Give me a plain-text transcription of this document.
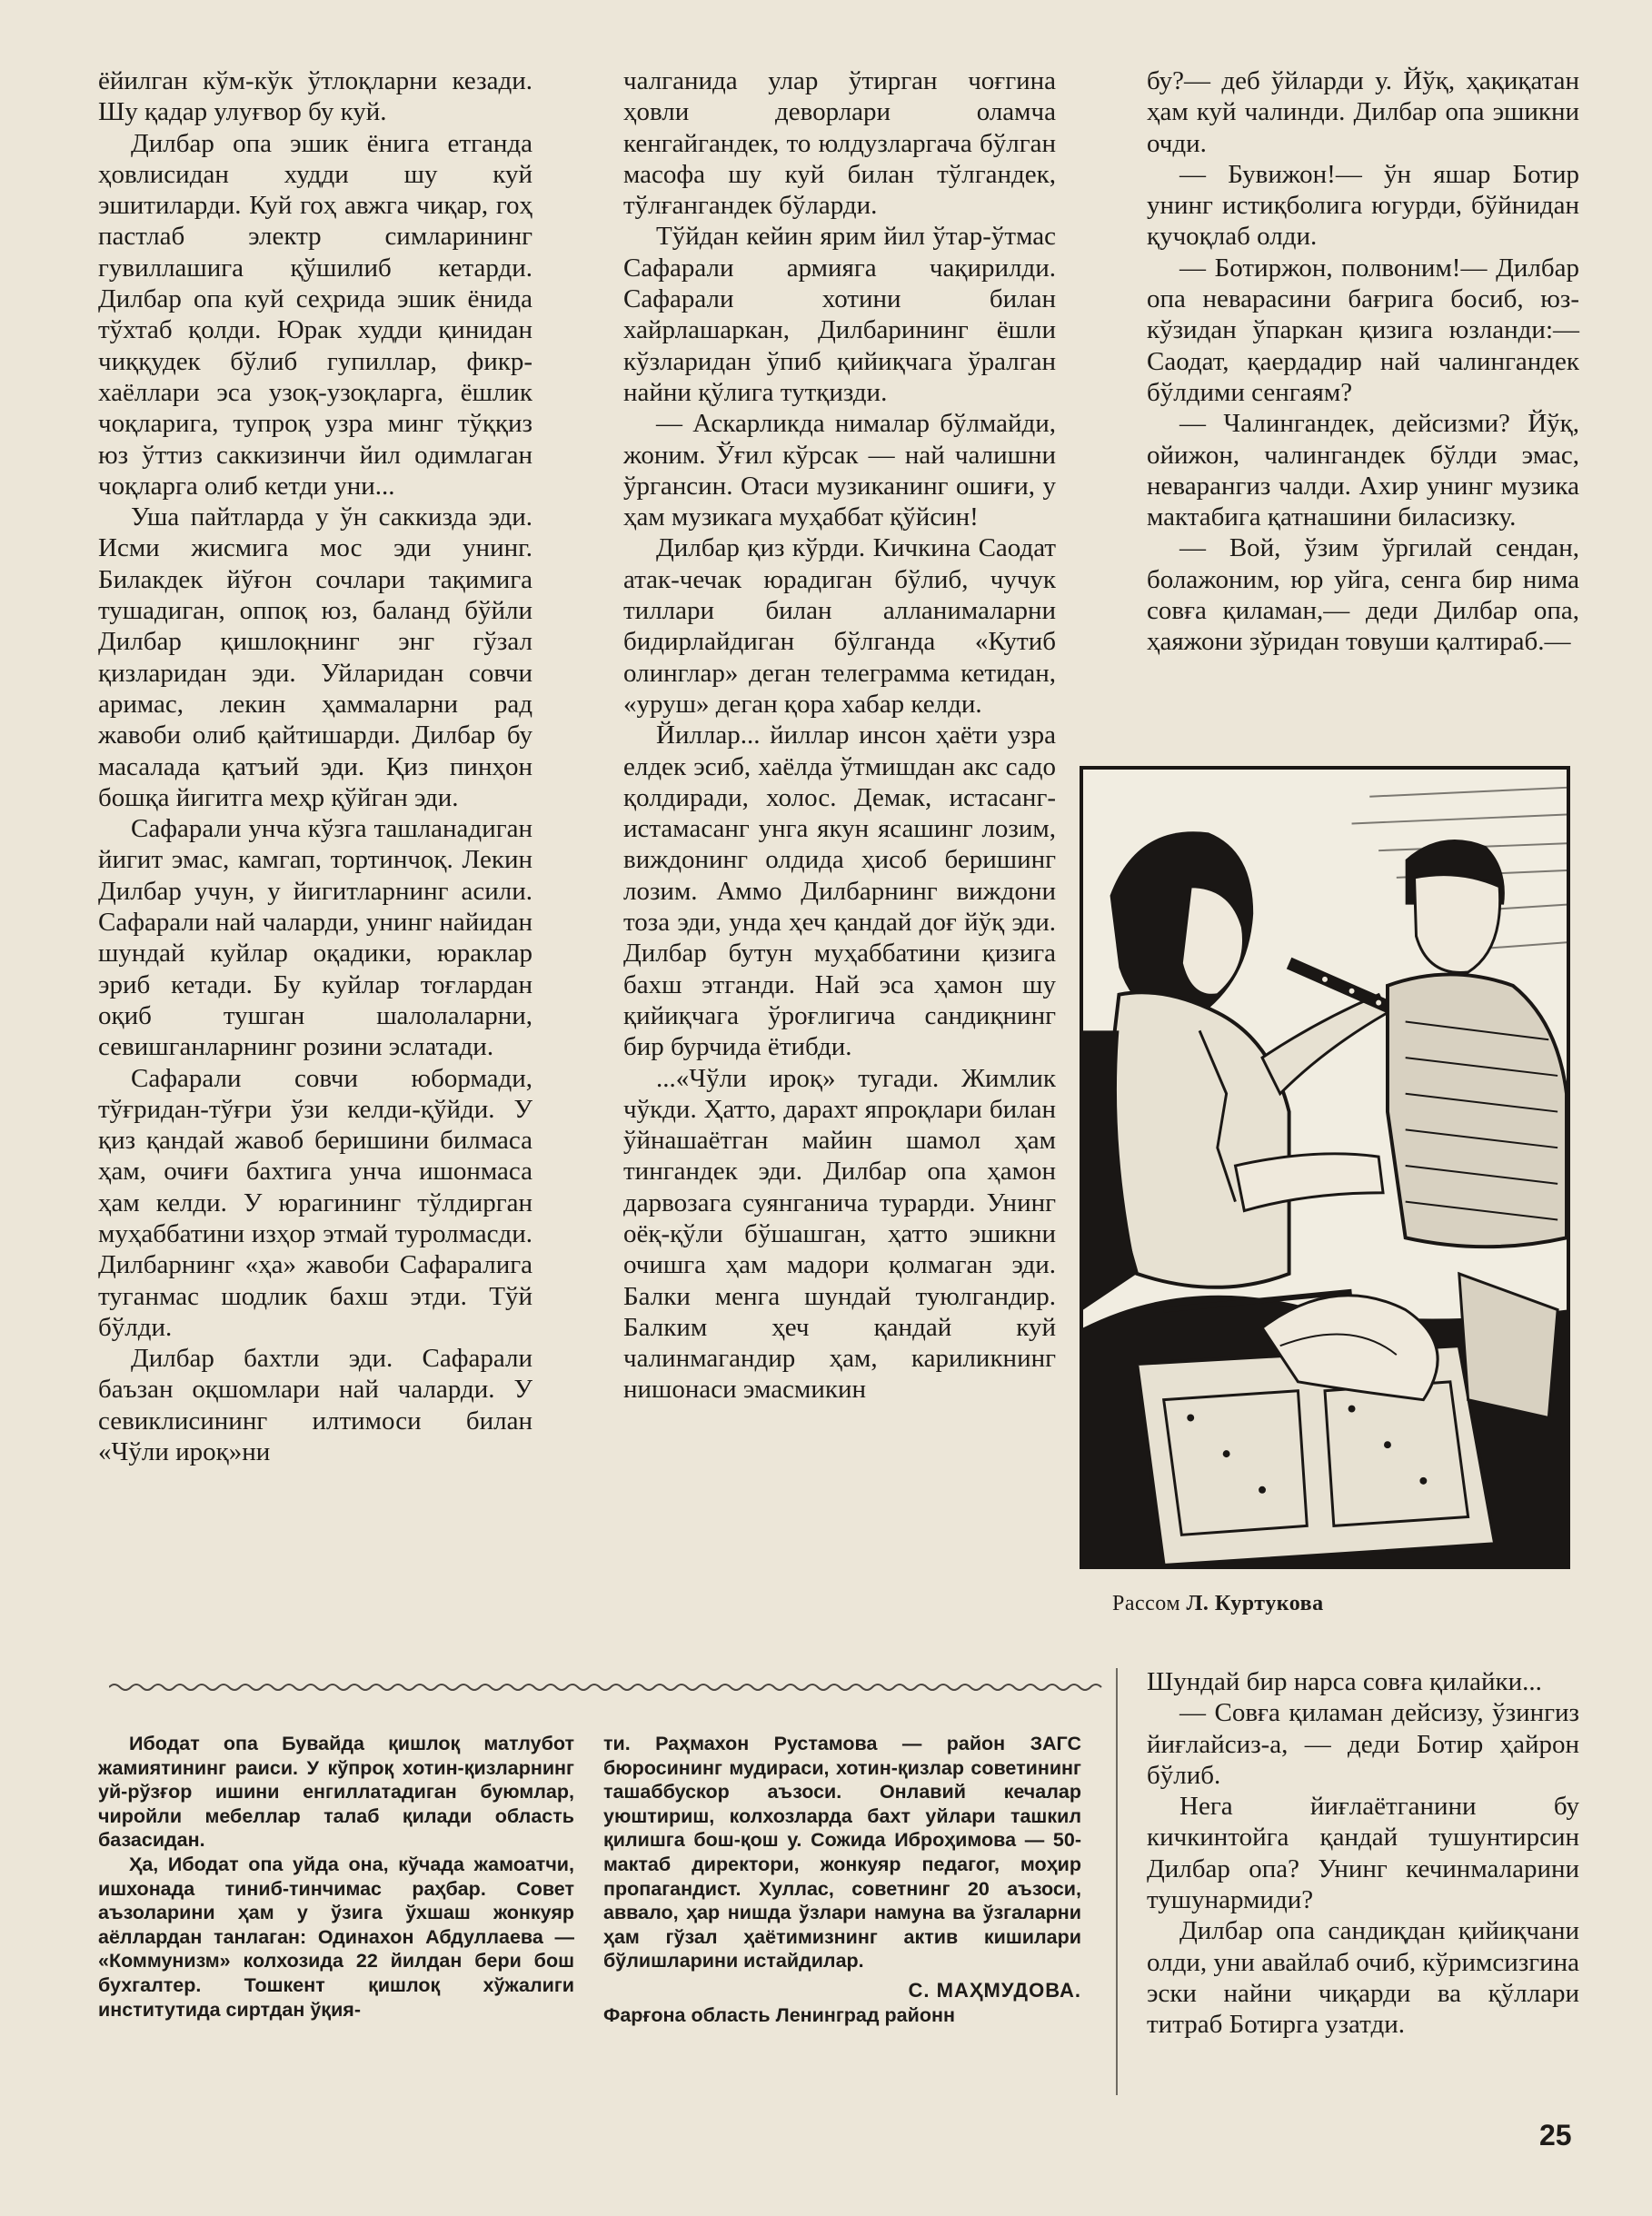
ёйилган кўм-кўк ўтлоқларни кезади. Шу қадар улуғвор бу куй.

Дилбар опа эшик ёнига етганда ҳовлисидан худди шу куй эшитиларди. Куй гоҳ авжга чиқар, гоҳ пастлаб электр симларининг гувиллашига қўшилиб кетарди. Дилбар опа куй сеҳрида эшик ёнида тўхтаб қолди. Юрак худди қинидан чиққудек бўлиб гупиллар, фикр-хаёллари эса узоқ-узоқларга, ёшлик чоқларига, тупроқ узра минг тўққиз юз ўттиз саккизинчи йил одимлаган чоқларга олиб кетди уни...

Уша пайтларда у ўн саккизда эди. Исми жисмига мос эди унинг. Билакдек йўғон сочлари тақимига тушадиган, оппоқ юз, баланд бўйли Дилбар қишлоқнинг энг гўзал қизларидан эди. Уйларидан совчи аримас, лекин ҳаммаларни рад жавоби олиб қайтишарди. Дилбар бу масалада қатъий эди. Қиз пинҳон бошқа йигитга меҳр қўйган эди.

Сафарали унча кўзга ташланадиган йигит эмас, камгап, тортинчоқ. Лекин Дилбар учун, у йигитларнинг асили. Сафарали най чаларди, унинг найидан шундай куйлар оқадики, юраклар эриб кетади. Бу куйлар тоғлардан оқиб тушган шалолаларни, севишганларнинг розини эслатади.

Сафарали совчи юбормади, тўғридан-тўғри ўзи келди-қўйди. У қиз қандай жавоб беришини билмаса ҳам, очиғи бахтига унча ишонмаса ҳам келди. У юрагининг тўлдирган муҳаббатини изҳор этмай туролмасди. Дилбарнинг «ҳа» жавоби Сафаралига туганмас шодлик бахш этди. Тўй бўлди.

Дилбар бахтли эди. Сафарали баъзан оқшомлари най чаларди. У севиклисининг илтимоси билан «Чўли ироқ»ни

чалганида улар ўтирган чоғгина ҳовли деворлари оламча кенгайгандек, то юлдузларгача бўлган масофа шу куй билан тўлгандек, тўлғангандек бўларди.

Тўйдан кейин ярим йил ўтар-ўтмас Сафарали армияга чақирилди. Сафарали хотини билан хайрлашаркан, Дилбарининг ёшли кўзларидан ўпиб қийиқчага ўралган найни қўлига тутқизди.

— Аскарликда нималар бўлмайди, жоним. Ўғил кўрсак — най чалишни ўргансин. Отаси музиканинг ошиғи, у ҳам музикага муҳаббат қўйсин!

Дилбар қиз кўрди. Кичкина Саодат атак-чечак юрадиган бўлиб, чучук тиллари билан алланималарни бидирлайдиган бўлганда «Кутиб олинглар» деган телеграмма кетидан, «уруш» деган қора хабар келди.

Йиллар... йиллар инсон ҳаёти узра елдек эсиб, хаёлда ўтмишдан акс садо қолдиради, холос. Демак, истасанг-истамасанг унга якун ясашинг лозим, виждонинг олдида ҳисоб беришинг лозим. Аммо Дилбарнинг виждони тоза эди, унда ҳеч қандай доғ йўқ эди. Дилбар бутун муҳаббатини қизига бахш этганди. Най эса ҳамон шу қийиқчага ўроғлигича сандиқнинг бир бурчида ётибди.

...«Чўли ироқ» тугади. Жимлик чўкди. Ҳатто, дарахт япроқлари билан ўйнашаётган майин шамол ҳам тингандек эди. Дилбар опа ҳамон дарвозага суянганича турарди. Унинг оёқ-қўли бўшашган, ҳатто эшикни очишга ҳам мадори қолмаган эди. Балки менга шундай туюлгандир. Балким ҳеч қандай куй чалинмагандир ҳам, кариликнинг нишонаси эмасмикин

бу?— деб ўйларди у. Йўқ, ҳақиқатан ҳам куй чалинди. Дилбар опа эшикни очди.

— Бувижон!— ўн яшар Ботир унинг истиқболига югурди, бўйнидан қучоқлаб олди.

— Ботиржон, полвоним!— Дилбар опа неварасини бағрига босиб, юз-кўзидан ўпаркан қизига юзланди:— Саодат, қаердадир най чалингандек бўлдими сенгаям?

— Чалингандек, дейсизми? Йўқ, ойижон, чалингандек бўлди эмас, неварангиз чалди. Ахир унинг музика мактабига қатнашини биласизку.

— Вой, ўзим ўргилай сендан, болажоним, юр уйга, сенга бир нима совға қиламан,— деди Дилбар опа, ҳаяжони зўридан товуши қалтираб.—

Рассом Л. Куртукова

Ибодат опа Бувайда қишлоқ матлубот жамиятининг раиси. У кўпроқ хотин-қизларнинг уй-рўзғор ишини енгиллатадиган буюмлар, чиройли мебеллар талаб қилади область базасидан.

Ҳа, Ибодат опа уйда она, кўчада жамоатчи, ишхонада тиниб-тинчимас раҳбар. Совет аъзоларини ҳам у ўзига ўхшаш жонкуяр аёллардан танлаган: Одинахон Абдуллаева — «Коммунизм» колхозида 22 йилдан бери бош бухгалтер. Тошкент қишлоқ хўжалиги институтида сиртдан ўқия-

ти. Раҳмахон Рустамова — район ЗАГС бюросининг мудираси, хотин-қизлар советининг ташаббускор аъзоси. Онлавий кечалар уюштириш, колхозларда бахт уйлари ташкил қилишга бош-қош у. Сожида Иброҳимова — 50-мактаб директори, жонкуяр педагог, моҳир пропагандист. Хуллас, советнинг 20 аъзоси, аввало, ҳар нишда ўзлари намуна ва ўзгаларни ҳам гўзал ҳаётимизнинг актив кишилари бўлишларини истайдилар.

С. МАҲМУДОВА.

Фарғона область Ленинград районн

Шундай бир нарса совға қилайки...

— Совға қиламан дейсизу, ўзингиз йиғлайсиз-а, — деди Ботир ҳайрон бўлиб.

Нега йиғлаётганини бу кичкинтойга қандай тушунтирсин Дилбар опа? Унинг кечинмаларини тушунармиди?

Дилбар опа сандиқдан қийиқчани олди, уни авайлаб очиб, кўримсизгина эски найни чиқарди ва қўллари титраб Ботирга узатди.

25
